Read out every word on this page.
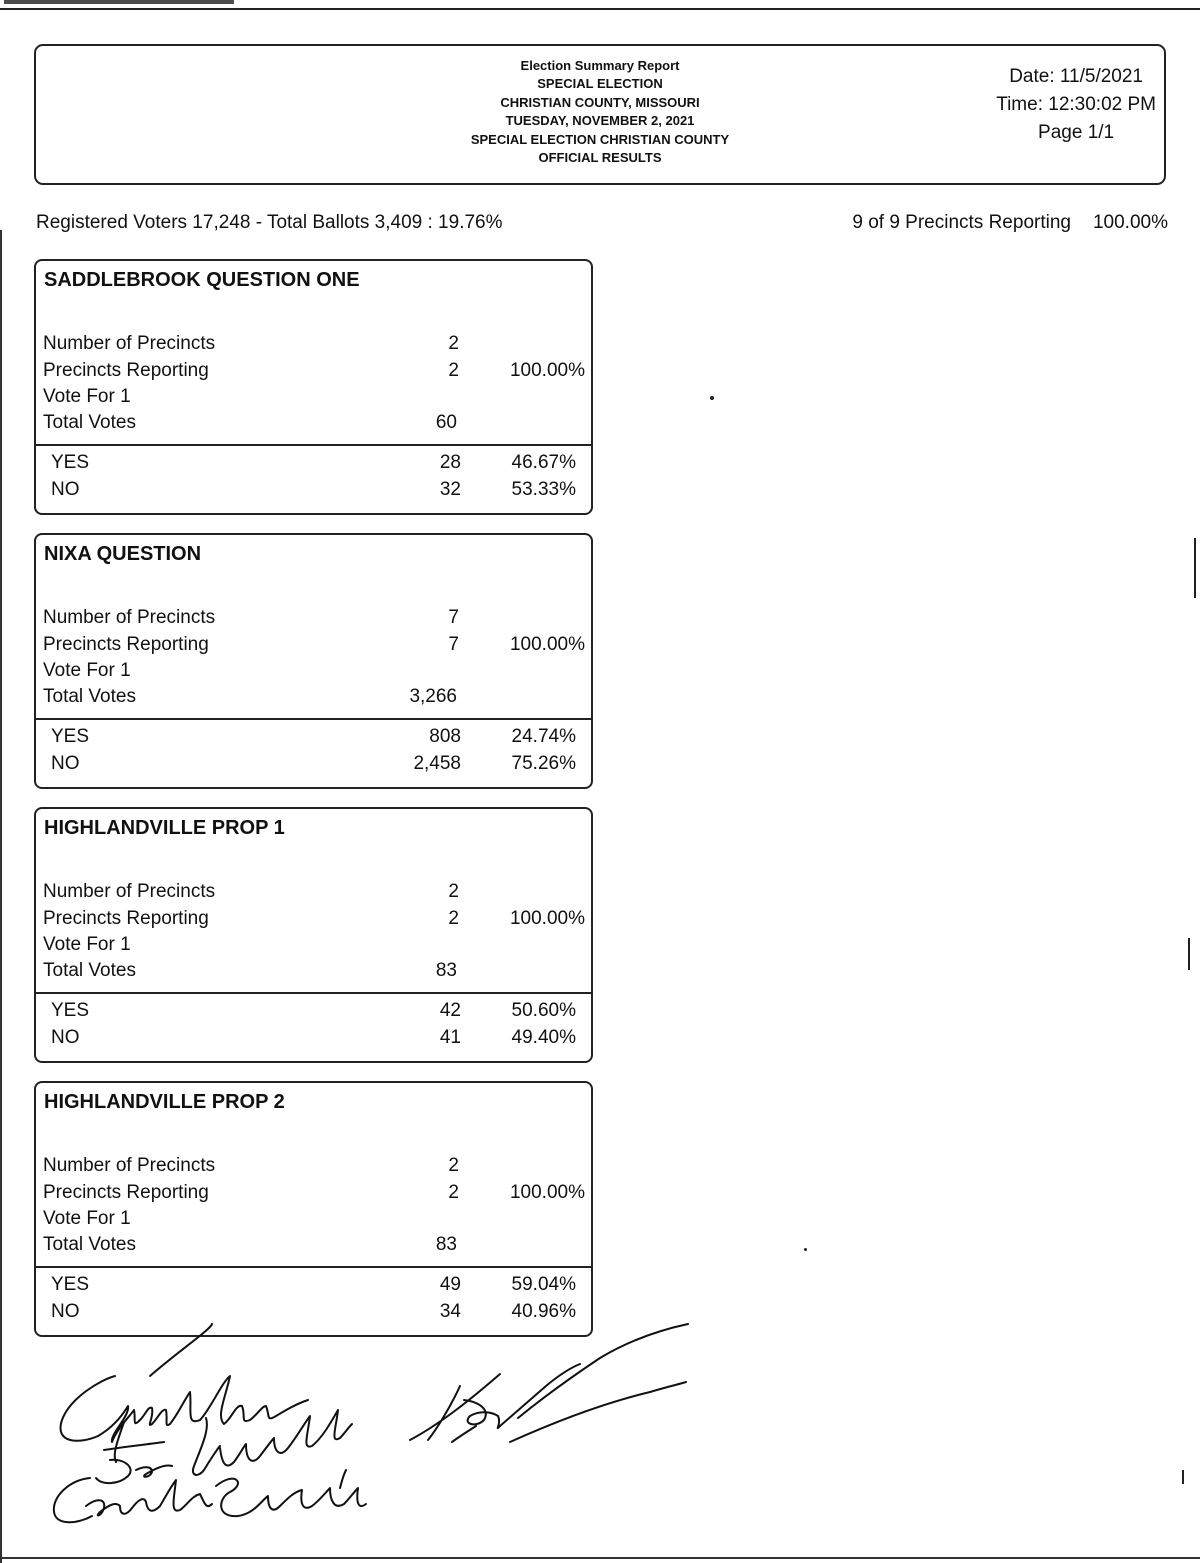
Election Summary Report
SPECIAL ELECTION
CHRISTIAN COUNTY, MISSOURI
TUESDAY, NOVEMBER 2, 2021
SPECIAL ELECTION CHRISTIAN COUNTY
OFFICIAL RESULTS
Date: 11/5/2021
Time: 12:30:02 PM
Page 1/1
Registered Voters 17,248 - Total Ballots 3,409 : 19.76%	9 of 9 Precincts Reporting 100.00%
SADDLEBROOK QUESTION ONE
Number of Precincts	2
Precincts Reporting	2	100.00%
Vote For 1
Total Votes	60
YES	28	46.67%
NO	32	53.33%
NIXA QUESTION
Number of Precincts	7
Precincts Reporting	7	100.00%
Vote For 1
Total Votes	3,266
YES	808	24.74%
NO	2,458	75.26%
HIGHLANDVILLE PROP 1
Number of Precincts	2
Precincts Reporting	2	100.00%
Vote For 1
Total Votes	83
YES	42	50.60%
NO	41	49.40%
HIGHLANDVILLE PROP 2
Number of Precincts	2
Precincts Reporting	2	100.00%
Vote For 1
Total Votes	83
YES	49	59.04%
NO	34	40.96%
